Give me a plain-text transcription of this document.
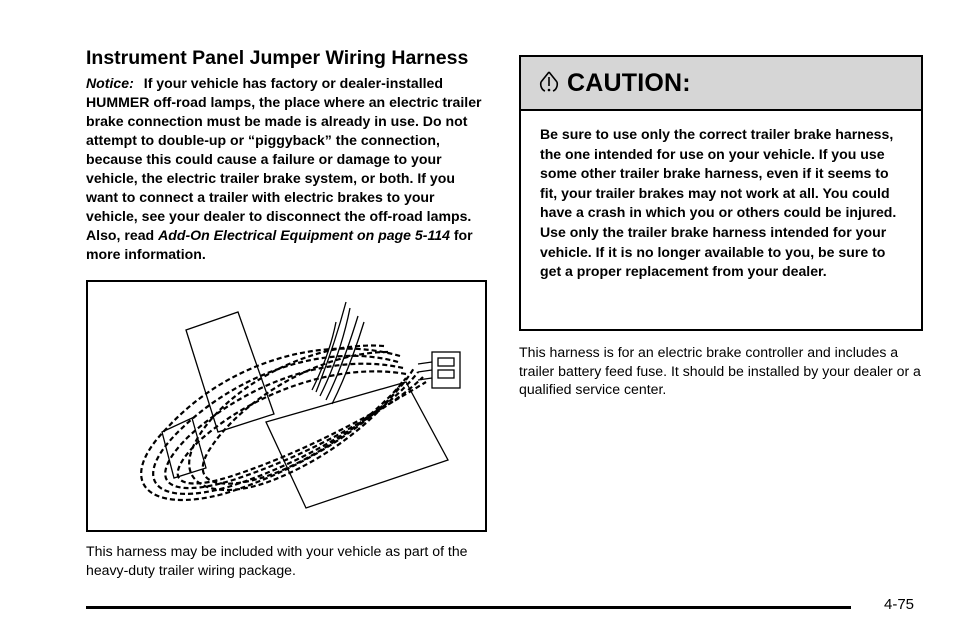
Instrument Panel Jumper Wiring Harness

Notice: If your vehicle has factory or dealer-installed HUMMER off-road lamps, the place where an electric trailer brake connection must be made is already in use. Do not attempt to double-up or “piggyback” the connection, because this could cause a failure or damage to your vehicle, the electric trailer brake system, or both. If you want to connect a trailer with electric brakes to your vehicle, see your dealer to disconnect the off-road lamps. Also, read Add-On Electrical Equipment on page 5-114 for more information.

This harness may be included with your vehicle as part of the heavy-duty trailer wiring package.

CAUTION:

Be sure to use only the correct trailer brake harness, the one intended for use on your vehicle. If you use some other trailer brake harness, even if it seems to fit, your trailer brakes may not work at all. You could have a crash in which you or others could be injured. Use only the trailer brake harness intended for your vehicle. If it is no longer available to you, be sure to get a proper replacement from your dealer.

This harness is for an electric brake controller and includes a trailer battery feed fuse. It should be installed by your dealer or a qualified service center.

4-75
